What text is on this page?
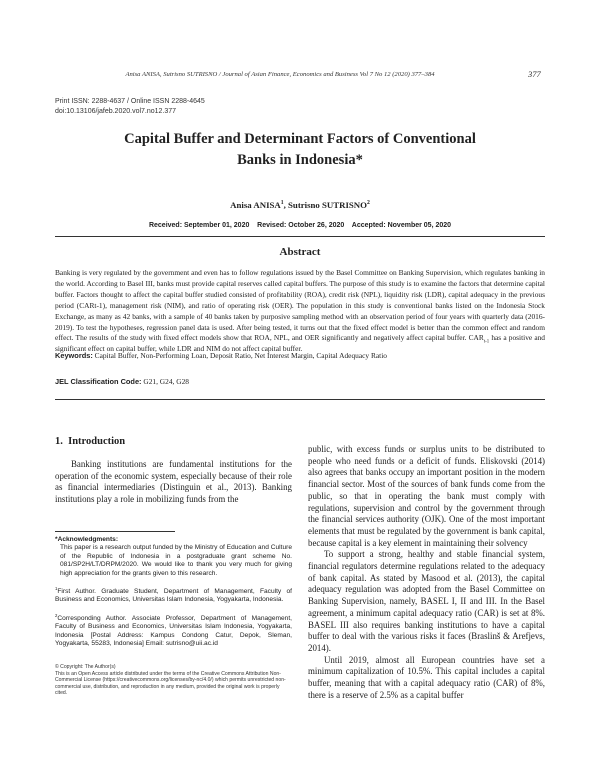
Anisa ANISA, Sutrisno SUTRISNO / Journal of Asian Finance, Economics and Business Vol 7 No 12 (2020) 377–384	377
Print ISSN: 2288-4637 / Online ISSN 2288-4645
doi:10.13106/jafeb.2020.vol7.no12.377
Capital Buffer and Determinant Factors of Conventional
Banks in Indonesia*
Anisa ANISA$^1$, Sutrisno SUTRISNO$^2$
Received: September 01, 2020    Revised: October 26, 2020    Accepted: November 05, 2020
Abstract
Banking is very regulated by the government and even has to follow regulations issued by the Basel Committee on Banking Supervision, which regulates banking in the world. According to Basel III, banks must provide capital reserves called capital buffers. The purpose of this study is to examine the factors that determine capital buffer. Factors thought to affect the capital buffer studied consisted of profitability (ROA), credit risk (NPL), liquidity risk (LDR), capital adequacy in the previous period (CARt-1), management risk (NIM), and ratio of operating risk (OER). The population in this study is conventional banks listed on the Indonesia Stock Exchange, as many as 42 banks, with a sample of 40 banks taken by purposive sampling method with an observation period of four years with quarterly data (2016-2019). To test the hypotheses, regression panel data is used. After being tested, it turns out that the fixed effect model is better than the common effect and random effect. The results of the study with fixed effect models show that ROA, NPL, and OER significantly and negatively affect capital buffer. $CAR_{t-1}$ has a positive and significant effect on capital buffer, while LDR and NIM do not affect capital buffer.
Keywords: Capital Buffer, Non-Performing Loan, Deposit Ratio, Net Interest Margin, Capital Adequacy Ratio
JEL Classification Code: G21, G24, G28
1.  Introduction

Banking institutions are fundamental institutions for the operation of the economic system, especially because of their role as financial intermediaries (Distinguin et al., 2013). Banking institutions play a role in mobilizing funds from the

*Acknowledgments:
This paper is a research output funded by the Ministry of Education and Culture of the Republic of Indonesia in a postgraduate grant scheme No. 081/SP2H/LT/DRPM/2020. We would like to thank you very much for giving high appreciation for the grants given to this research.
$^1$First Author. Graduate Student, Department of Management, Faculty of Business and Economics, Universitas Islam Indonesia, Yogyakarta, Indonesia.
$^2$Corresponding Author. Associate Professor, Department of Management, Faculty of Business and Economics, Universitas Islam Indonesia, Yogyakarta, Indonesia [Postal Address: Kampus Condong Catur, Depok, Sleman, Yogyakarta, 55283, Indonesia] Email: sutrisno@uii.ac.id
© Copyright: The Author(s)
This is an Open Access article distributed under the terms of the Creative Commons Attribution Non-Commercial License (https://creativecommons.org/licenses/by-nc/4.0/) which permits unrestricted non-commercial use, distribution, and reproduction in any medium, provided the original work is properly cited.

public, with excess funds or surplus units to be distributed to people who need funds or a deficit of funds. Eliskovski (2014) also agrees that banks occupy an important position in the modern financial sector. Most of the sources of bank funds come from the public, so that in operating the bank must comply with regulations, supervision and control by the government through the financial services authority (OJK). One of the most important elements that must be regulated by the government is bank capital, because capital is a key element in maintaining their solvency

To support a strong, healthy and stable financial system, financial regulators determine regulations related to the adequacy of bank capital. As stated by Masood et al. (2013), the capital adequacy regulation was adopted from the Basel Committee on Banking Supervision, namely, BASEL I, II and III. In the Basel agreement, a minimum capital adequacy ratio (CAR) is set at 8%. BASEL III also requires banking institutions to have a capital buffer to deal with the various risks it faces (Braslinš & Arefjevs, 2014).

Until 2019, almost all European countries have set a minimum capitalization of 10.5%. This capital includes a capital buffer, meaning that with a capital adequacy ratio (CAR) of 8%, there is a reserve of 2.5% as a capital buffer
